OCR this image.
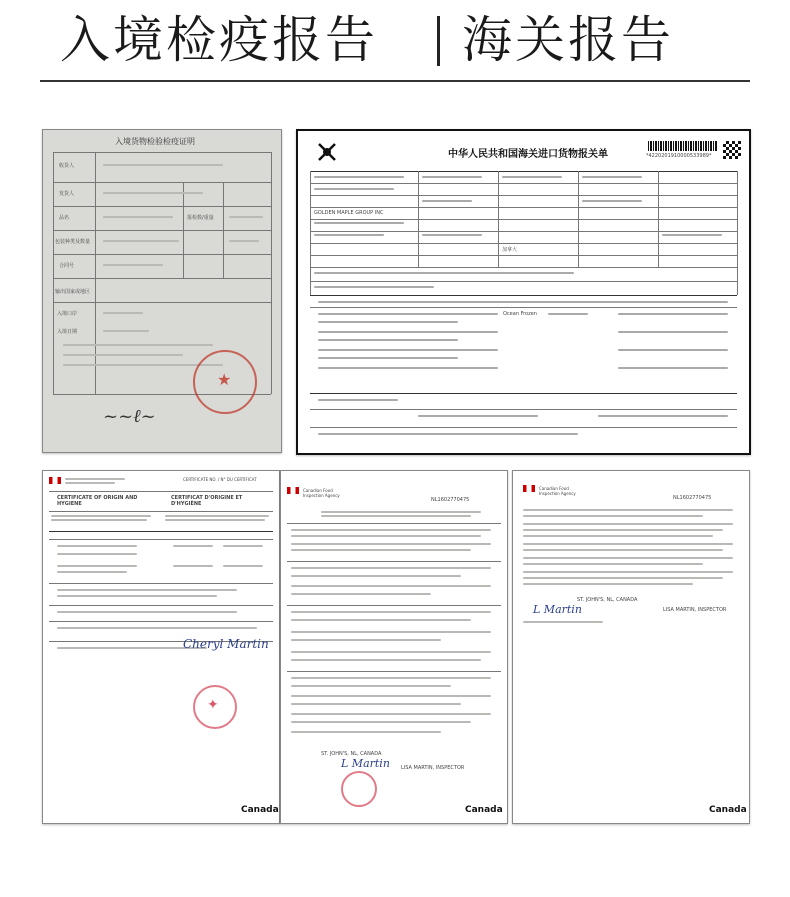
入境检疫报告 海关报告
入境货物检验检疫证明
收货人
发货人
品名	报检数/重量
包装种类及数量
合同号
输出国家或地区
入境口岸
入境日期
★
~~ℓ~
中华人民共和国海关进口货物报关单	*4220201910000533989*
GOLDEN MAPLE GROUP INC
加拿大
Ocean Frozen
CERTIFICATE NO. / N° DU CERTIFICAT
CERTIFICATE OF ORIGIN AND HYGIENE
CERTIFICAT D'ORIGINE ET D'HYGIÈNE
Cheryl Martin
✦
Canada
Canadian Food Inspection Agency
NL1602770475
ST. JOHN'S, NL, CANADA
L Martin LISA MARTIN, INSPECTOR
Canada
Canadian Food Inspection Agency
NL1602770475
ST. JOHN'S, NL, CANADA
L Martin	LISA MARTIN, INSPECTOR
Canada
